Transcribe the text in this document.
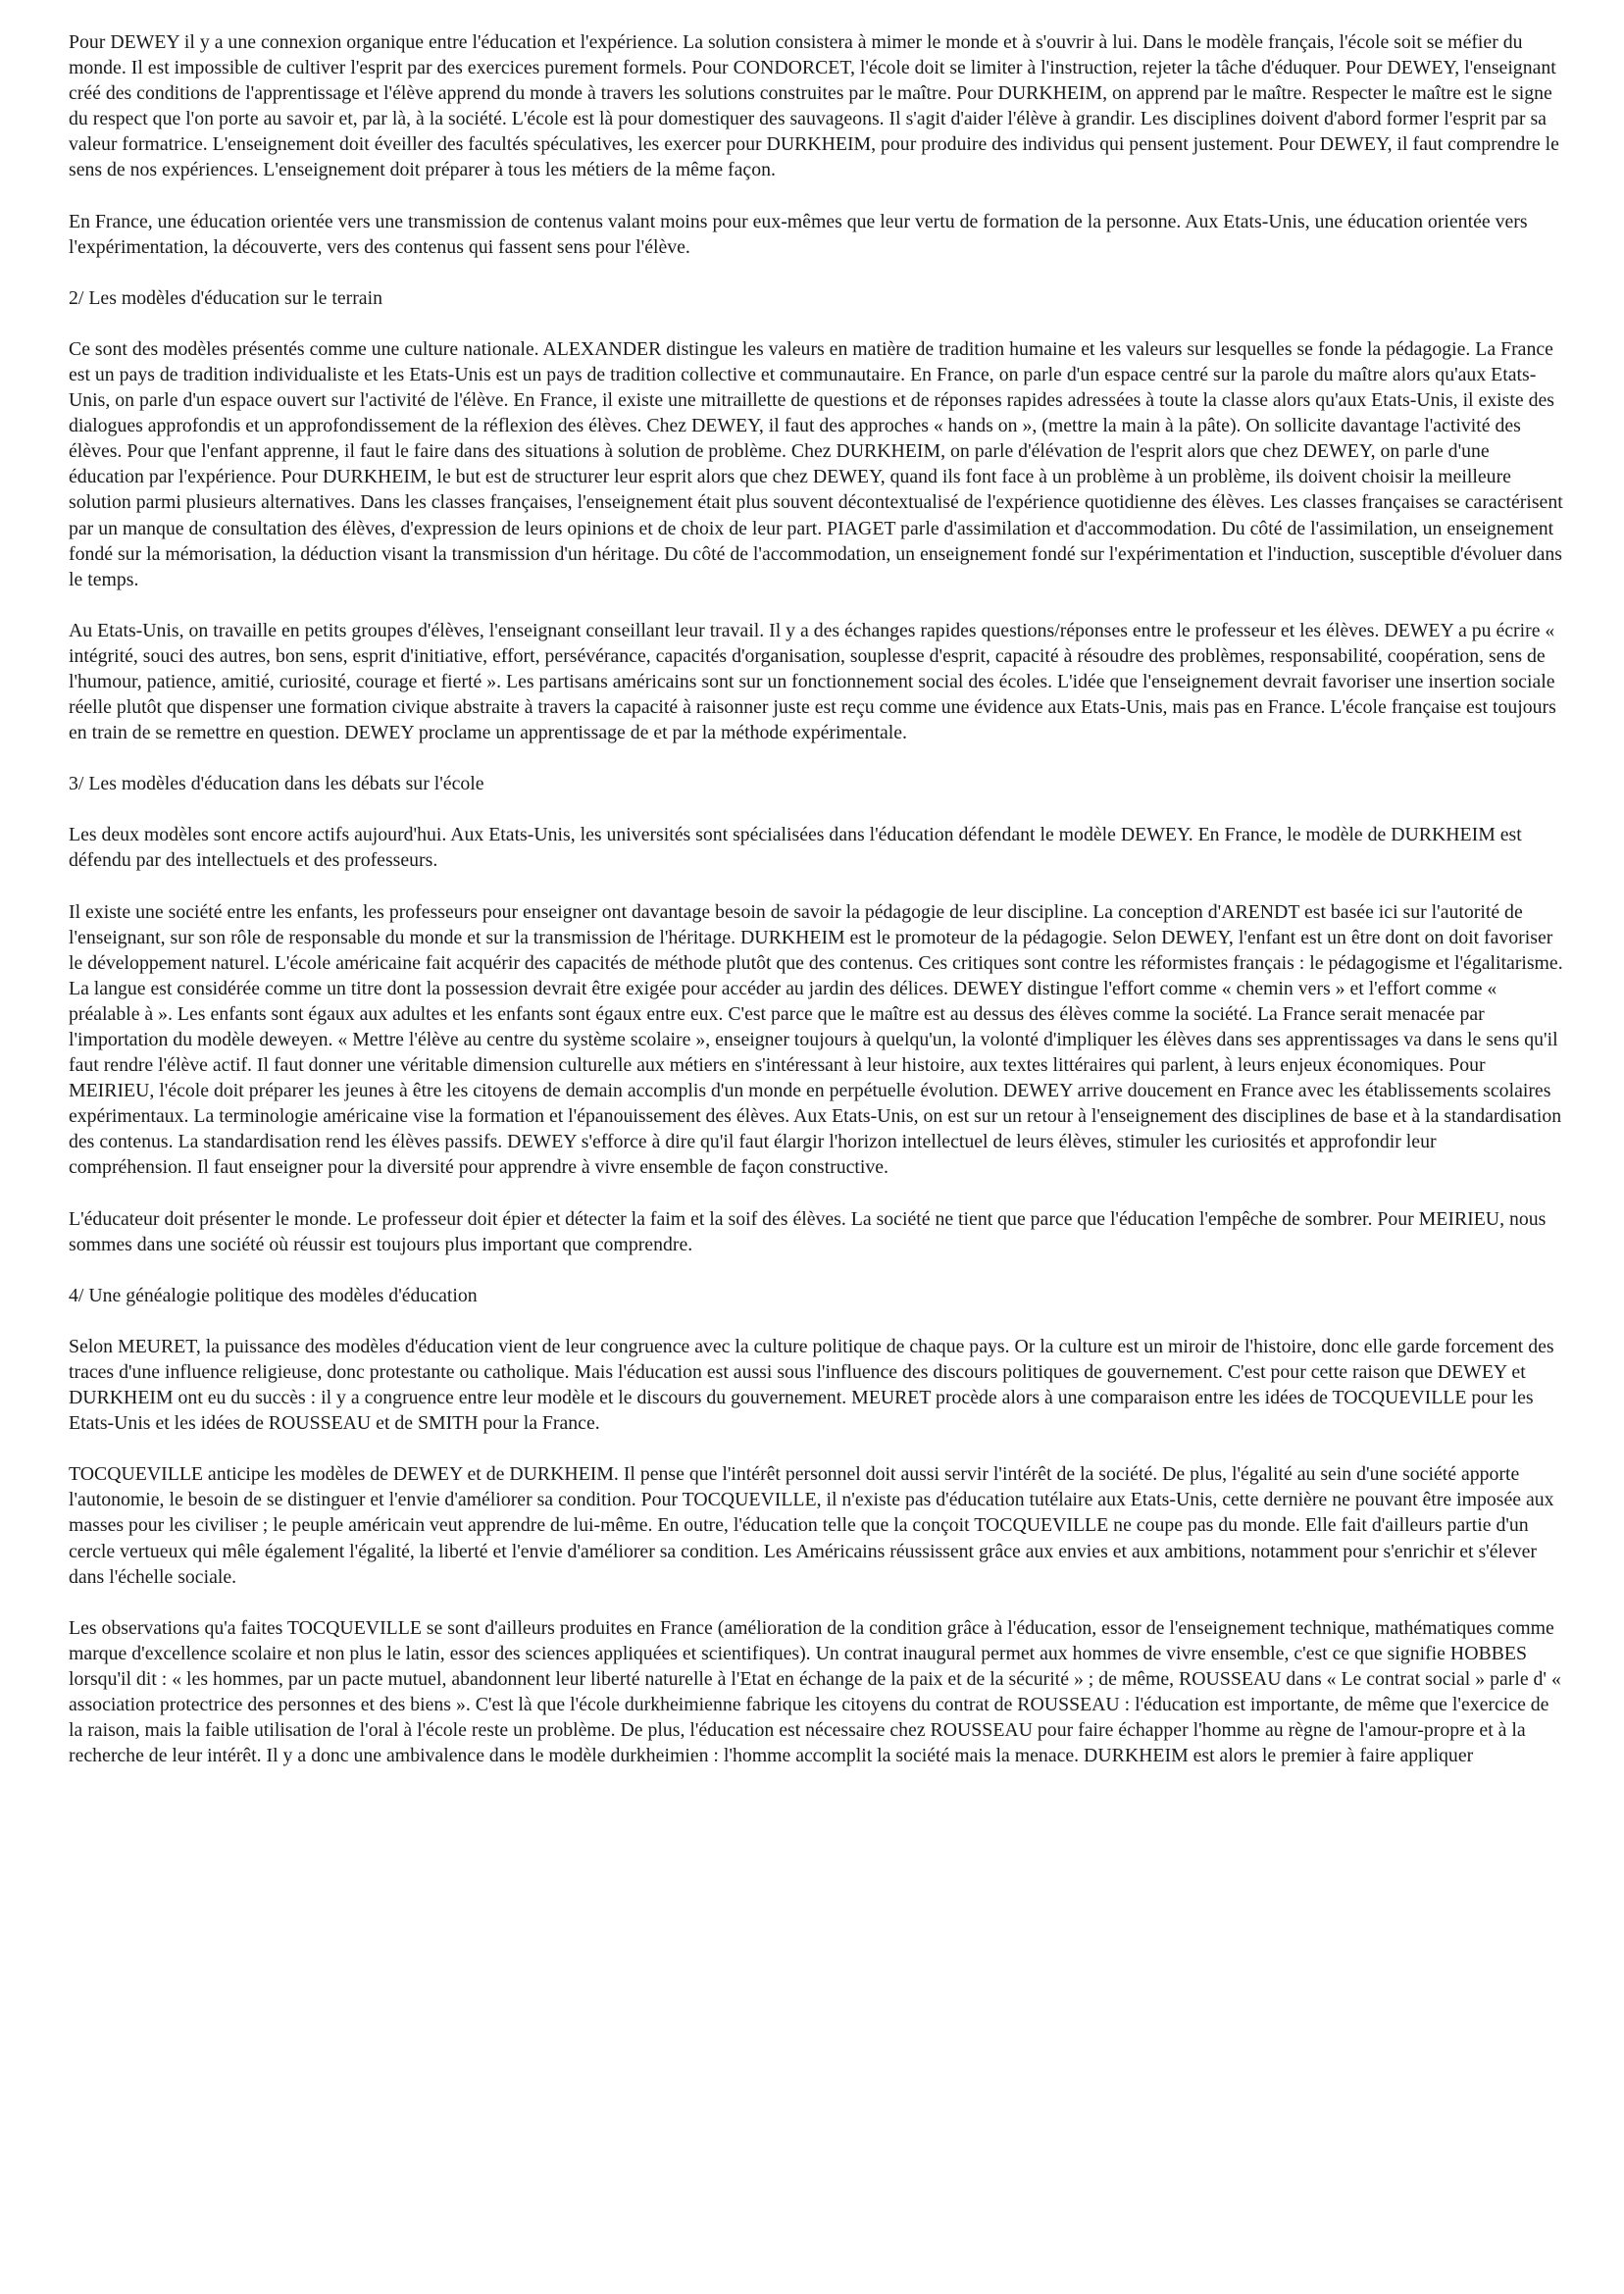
Pour DEWEY il y a une connexion organique entre l'éducation et l'expérience. La solution consistera à mimer le monde et à s'ouvrir à lui. Dans le modèle français, l'école soit se méfier du monde. Il est impossible de cultiver l'esprit par des exercices purement formels. Pour CONDORCET, l'école doit se limiter à l'instruction, rejeter la tâche d'éduquer. Pour DEWEY, l'enseignant créé des conditions de l'apprentissage et l'élève apprend du monde à travers les solutions construites par le maître. Pour DURKHEIM, on apprend par le maître. Respecter le maître est le signe du respect que l'on porte au savoir et, par là, à la société. L'école est là pour domestiquer des sauvageons. Il s'agit d'aider l'élève à grandir. Les disciplines doivent d'abord former l'esprit par sa valeur formatrice. L'enseignement doit éveiller des facultés spéculatives, les exercer pour DURKHEIM, pour produire des individus qui pensent justement. Pour DEWEY, il faut comprendre le sens de nos expériences. L'enseignement doit préparer à tous les métiers de la même façon.

En France, une éducation orientée vers une transmission de contenus valant moins pour eux-mêmes que leur vertu de formation de la personne. Aux Etats-Unis, une éducation orientée vers l'expérimentation, la découverte, vers des contenus qui fassent sens pour l'élève.

2/ Les modèles d'éducation sur le terrain

Ce sont des modèles présentés comme une culture nationale. ALEXANDER distingue les valeurs en matière de tradition humaine et les valeurs sur lesquelles se fonde la pédagogie. La France est un pays de tradition individualiste et les Etats-Unis est un pays de tradition collective et communautaire. En France, on parle d'un espace centré sur la parole du maître alors qu'aux Etats-Unis, on parle d'un espace ouvert sur l'activité de l'élève. En France, il existe une mitraillette de questions et de réponses rapides adressées à toute la classe alors qu'aux Etats-Unis, il existe des dialogues approfondis et un approfondissement de la réflexion des élèves. Chez DEWEY, il faut des approches « hands on », (mettre la main à la pâte). On sollicite davantage l'activité des élèves. Pour que l'enfant apprenne, il faut le faire dans des situations à solution de problème. Chez DURKHEIM, on parle d'élévation de l'esprit alors que chez DEWEY, on parle d'une éducation par l'expérience. Pour DURKHEIM, le but est de structurer leur esprit alors que chez DEWEY, quand ils font face à un problème à un problème, ils doivent choisir la meilleure solution parmi plusieurs alternatives. Dans les classes françaises, l'enseignement était plus souvent décontextualisé de l'expérience quotidienne des élèves. Les classes françaises se caractérisent par un manque de consultation des élèves, d'expression de leurs opinions et de choix de leur part. PIAGET parle d'assimilation et d'accommodation. Du côté de l'assimilation, un enseignement fondé sur la mémorisation, la déduction visant la transmission d'un héritage. Du côté de l'accommodation, un enseignement fondé sur l'expérimentation et l'induction, susceptible d'évoluer dans le temps.

Au Etats-Unis, on travaille en petits groupes d'élèves, l'enseignant conseillant leur travail. Il y a des échanges rapides questions/réponses entre le professeur et les élèves. DEWEY a pu écrire « intégrité, souci des autres, bon sens, esprit d'initiative, effort, persévérance, capacités d'organisation, souplesse d'esprit, capacité à résoudre des problèmes, responsabilité, coopération, sens de l'humour, patience, amitié, curiosité, courage et fierté ». Les partisans américains sont sur un fonctionnement social des écoles. L'idée que l'enseignement devrait favoriser une insertion sociale réelle plutôt que dispenser une formation civique abstraite à travers la capacité à raisonner juste est reçu comme une évidence aux Etats-Unis, mais pas en France. L'école française est toujours en train de se remettre en question. DEWEY proclame un apprentissage de et par la méthode expérimentale.

3/ Les modèles d'éducation dans les débats sur l'école

Les deux modèles sont encore actifs aujourd'hui. Aux Etats-Unis, les universités sont spécialisées dans l'éducation défendant le modèle DEWEY. En France, le modèle de DURKHEIM est défendu par des intellectuels et des professeurs.

Il existe une société entre les enfants, les professeurs pour enseigner ont davantage besoin de savoir la pédagogie de leur discipline. La conception d'ARENDT est basée ici sur l'autorité de l'enseignant, sur son rôle de responsable du monde et sur la transmission de l'héritage. DURKHEIM est le promoteur de la pédagogie. Selon DEWEY, l'enfant est un être dont on doit favoriser le développement naturel. L'école américaine fait acquérir des capacités de méthode plutôt que des contenus. Ces critiques sont contre les réformistes français : le pédagogisme et l'égalitarisme. La langue est considérée comme un titre dont la possession devrait être exigée pour accéder au jardin des délices. DEWEY distingue l'effort comme « chemin vers » et l'effort comme « préalable à ». Les enfants sont égaux aux adultes et les enfants sont égaux entre eux. C'est parce que le maître est au dessus des élèves comme la société. La France serait menacée par l'importation du modèle deweyen. « Mettre l'élève au centre du système scolaire », enseigner toujours à quelqu'un, la volonté d'impliquer les élèves dans ses apprentissages va dans le sens qu'il faut rendre l'élève actif. Il faut donner une véritable dimension culturelle aux métiers en s'intéressant à leur histoire, aux textes littéraires qui parlent, à leurs enjeux économiques. Pour MEIRIEU, l'école doit préparer les jeunes à être les citoyens de demain accomplis d'un monde en perpétuelle évolution. DEWEY arrive doucement en France avec les établissements scolaires expérimentaux. La terminologie américaine vise la formation et l'épanouissement des élèves. Aux Etats-Unis, on est sur un retour à l'enseignement des disciplines de base et à la standardisation des contenus. La standardisation rend les élèves passifs. DEWEY s'efforce à dire qu'il faut élargir l'horizon intellectuel de leurs élèves, stimuler les curiosités et approfondir leur compréhension. Il faut enseigner pour la diversité pour apprendre à vivre ensemble de façon constructive.

L'éducateur doit présenter le monde. Le professeur doit épier et détecter la faim et la soif des élèves. La société ne tient que parce que l'éducation l'empêche de sombrer. Pour MEIRIEU, nous sommes dans une société où réussir est toujours plus important que comprendre.

4/ Une généalogie politique des modèles d'éducation

Selon MEURET, la puissance des modèles d'éducation vient de leur congruence avec la culture politique de chaque pays. Or la culture est un miroir de l'histoire, donc elle garde forcement des traces d'une influence religieuse, donc protestante ou catholique. Mais l'éducation est aussi sous l'influence des discours politiques de gouvernement. C'est pour cette raison que DEWEY et DURKHEIM ont eu du succès : il y a congruence entre leur modèle et le discours du gouvernement. MEURET procède alors à une comparaison entre les idées de TOCQUEVILLE pour les Etats-Unis et les idées de ROUSSEAU et de SMITH pour la France.

TOCQUEVILLE anticipe les modèles de DEWEY et de DURKHEIM. Il pense que l'intérêt personnel doit aussi servir l'intérêt de la société. De plus, l'égalité au sein d'une société apporte l'autonomie, le besoin de se distinguer et l'envie d'améliorer sa condition. Pour TOCQUEVILLE, il n'existe pas d'éducation tutélaire aux Etats-Unis, cette dernière ne pouvant être imposée aux masses pour les civiliser ; le peuple américain veut apprendre de lui-même. En outre, l'éducation telle que la conçoit TOCQUEVILLE ne coupe pas du monde. Elle fait d'ailleurs partie d'un cercle vertueux qui mêle également l'égalité, la liberté et l'envie d'améliorer sa condition. Les Américains réussissent grâce aux envies et aux ambitions, notamment pour s'enrichir et s'élever dans l'échelle sociale.

Les observations qu'a faites TOCQUEVILLE se sont d'ailleurs produites en France (amélioration de la condition grâce à l'éducation, essor de l'enseignement technique, mathématiques comme marque d'excellence scolaire et non plus le latin, essor des sciences appliquées et scientifiques). Un contrat inaugural permet aux hommes de vivre ensemble, c'est ce que signifie HOBBES lorsqu'il dit : « les hommes, par un pacte mutuel, abandonnent leur liberté naturelle à l'Etat en échange de la paix et de la sécurité » ; de même, ROUSSEAU dans « Le contrat social » parle d' « association protectrice des personnes et des biens ». C'est là que l'école durkheimienne fabrique les citoyens du contrat de ROUSSEAU : l'éducation est importante, de même que l'exercice de la raison, mais la faible utilisation de l'oral à l'école reste un problème. De plus, l'éducation est nécessaire chez ROUSSEAU pour faire échapper l'homme au règne de l'amour-propre et à la recherche de leur intérêt. Il y a donc une ambivalence dans le modèle durkheimien : l'homme accomplit la société mais la menace. DURKHEIM est alors le premier à faire appliquer
